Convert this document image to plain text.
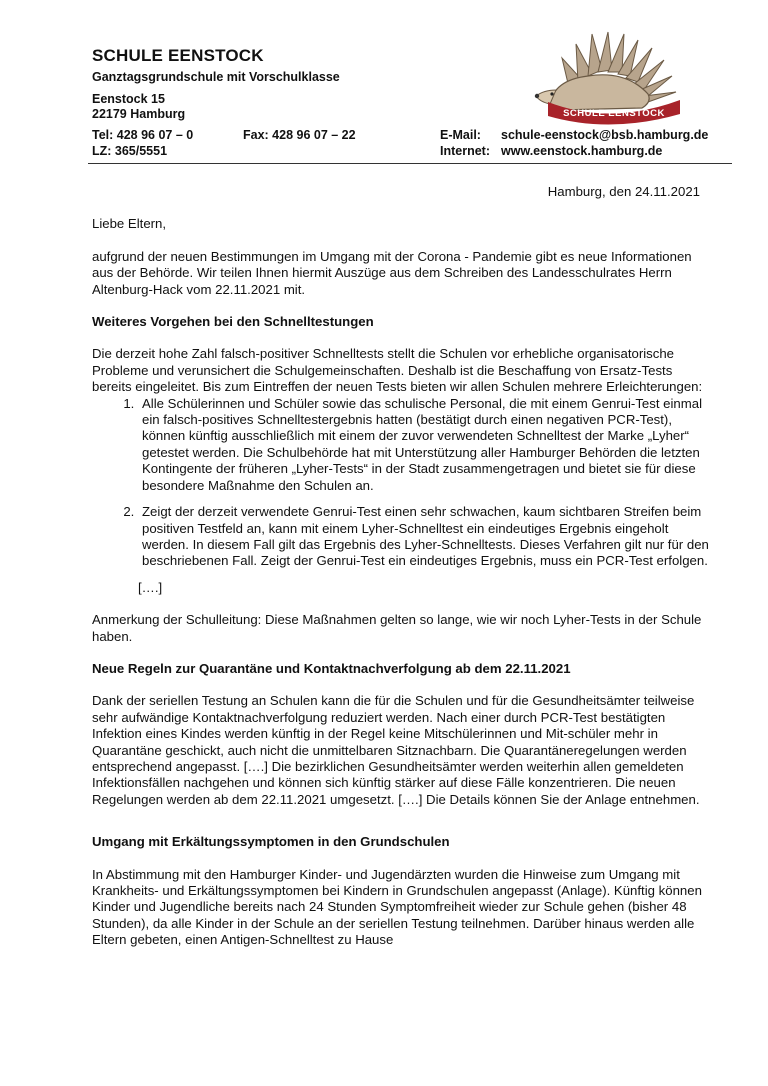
SCHULE EENSTOCK
Ganztagsgrundschule mit Vorschulklasse
Eenstock 15
22179 Hamburg
Tel: 428 96 07 – 0	Fax: 428 96 07 – 22
LZ: 365/5551
E-Mail: schule-eenstock@bsb.hamburg.de
Internet: www.eenstock.hamburg.de
SCHULE EENSTOCK

Hamburg, den 24.11.2021

Liebe Eltern,

aufgrund der neuen Bestimmungen im Umgang mit der Corona - Pandemie gibt es neue Informationen aus der Behörde. Wir teilen Ihnen hiermit Auszüge aus dem Schreiben des Landesschulrates Herrn Altenburg-Hack vom 22.11.2021 mit.

Weiteres Vorgehen bei den Schnelltestungen

Die derzeit hohe Zahl falsch-positiver Schnelltests stellt die Schulen vor erhebliche organisatorische Probleme und verunsichert die Schulgemeinschaften. Deshalb ist die Beschaffung von Ersatz-Tests bereits eingeleitet. Bis zum Eintreffen der neuen Tests bieten wir allen Schulen mehrere Erleichterungen:

1. Alle Schülerinnen und Schüler sowie das schulische Personal, die mit einem Genrui-Test einmal ein falsch-positives Schnelltestergebnis hatten (bestätigt durch einen negativen PCR-Test), können künftig ausschließlich mit einem der zuvor verwendeten Schnelltest der Marke „Lyher“ getestet werden. Die Schulbehörde hat mit Unterstützung aller Hamburger Behörden die letzten Kontingente der früheren „Lyher-Tests“ in der Stadt zusammengetragen und bietet sie für diese besondere Maßnahme den Schulen an.
2. Zeigt der derzeit verwendete Genrui-Test einen sehr schwachen, kaum sichtbaren Streifen beim positiven Testfeld an, kann mit einem Lyher-Schnelltest ein eindeutiges Ergebnis eingeholt werden. In diesem Fall gilt das Ergebnis des Lyher-Schnelltests. Dieses Verfahren gilt nur für den beschriebenen Fall. Zeigt der Genrui-Test ein eindeutiges Ergebnis, muss ein PCR-Test erfolgen.

[….]

Anmerkung der Schulleitung: Diese Maßnahmen gelten so lange, wie wir noch Lyher-Tests in der Schule haben.

Neue Regeln zur Quarantäne und Kontaktnachverfolgung ab dem 22.11.2021

Dank der seriellen Testung an Schulen kann die für die Schulen und für die Gesundheitsämter teilweise sehr aufwändige Kontaktnachverfolgung reduziert werden. Nach einer durch PCR-Test bestätigten Infektion eines Kindes werden künftig in der Regel keine Mitschülerinnen und Mit-schüler mehr in Quarantäne geschickt, auch nicht die unmittelbaren Sitznachbarn. Die Quarantäneregelungen werden entsprechend angepasst. [….] Die bezirklichen Gesundheitsämter werden weiterhin allen gemeldeten Infektionsfällen nachgehen und können sich künftig stärker auf diese Fälle konzentrieren. Die neuen Regelungen werden ab dem 22.11.2021 umgesetzt. [….] Die Details können Sie der Anlage entnehmen.

Umgang mit Erkältungssymptomen in den Grundschulen

In Abstimmung mit den Hamburger Kinder- und Jugendärzten wurden die Hinweise zum Umgang mit Krankheits- und Erkältungssymptomen bei Kindern in Grundschulen angepasst (Anlage). Künftig können Kinder und Jugendliche bereits nach 24 Stunden Symptomfreiheit wieder zur Schule gehen (bisher 48 Stunden), da alle Kinder in der Schule an der seriellen Testung teilnehmen. Darüber hinaus werden alle Eltern gebeten, einen Antigen-Schnelltest zu Hause
